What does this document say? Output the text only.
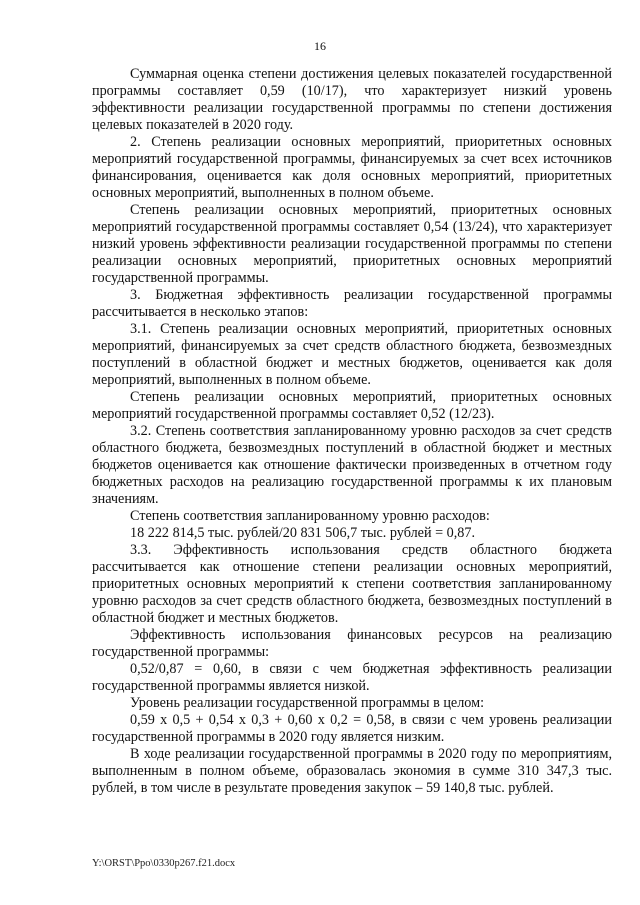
16

Суммарная оценка степени достижения целевых показателей государственной программы составляет 0,59 (10/17), что характеризует низкий уровень эффективности реализации государственной программы по степени достижения целевых показателей в 2020 году.

2. Степень реализации основных мероприятий, приоритетных основных мероприятий государственной программы, финансируемых за счет всех источников финансирования, оценивается как доля основных мероприятий, приоритетных основных мероприятий, выполненных в полном объеме.

Степень реализации основных мероприятий, приоритетных основных мероприятий государственной программы составляет 0,54 (13/24), что характеризует низкий уровень эффективности реализации государственной программы по степени реализации основных мероприятий, приоритетных основных мероприятий государственной программы.

3. Бюджетная эффективность реализации государственной программы рассчитывается в несколько этапов:

3.1. Степень реализации основных мероприятий, приоритетных основных мероприятий, финансируемых за счет средств областного бюджета, безвозмездных поступлений в областной бюджет и местных бюджетов, оценивается как доля мероприятий, выполненных в полном объеме.

Степень реализации основных мероприятий, приоритетных основных мероприятий государственной программы составляет 0,52 (12/23).

3.2. Степень соответствия запланированному уровню расходов за счет средств областного бюджета, безвозмездных поступлений в областной бюджет и местных бюджетов оценивается как отношение фактически произведенных в отчетном году бюджетных расходов на реализацию государственной программы к их плановым значениям.

Степень соответствия запланированному уровню расходов:

18 222 814,5 тыс. рублей/20 831 506,7 тыс. рублей = 0,87.

3.3. Эффективность использования средств областного бюджета рассчитывается как отношение степени реализации основных мероприятий, приоритетных основных мероприятий к степени соответствия запланированному уровню расходов за счет средств областного бюджета, безвозмездных поступлений в областной бюджет и местных бюджетов.

Эффективность использования финансовых ресурсов на реализацию государственной программы:

0,52/0,87 = 0,60, в связи с чем бюджетная эффективность реализации государственной программы является низкой.

Уровень реализации государственной программы в целом:

0,59 х 0,5 + 0,54 х 0,3 + 0,60 х 0,2 = 0,58, в связи с чем уровень реализации государственной программы в 2020 году является низким.

В ходе реализации государственной программы в 2020 году по мероприятиям, выполненным в полном объеме, образовалась экономия в сумме 310 347,3 тыс. рублей, в том числе в результате проведения закупок – 59 140,8 тыс. рублей.

Y:\ORST\Ppo\0330p267.f21.docx
